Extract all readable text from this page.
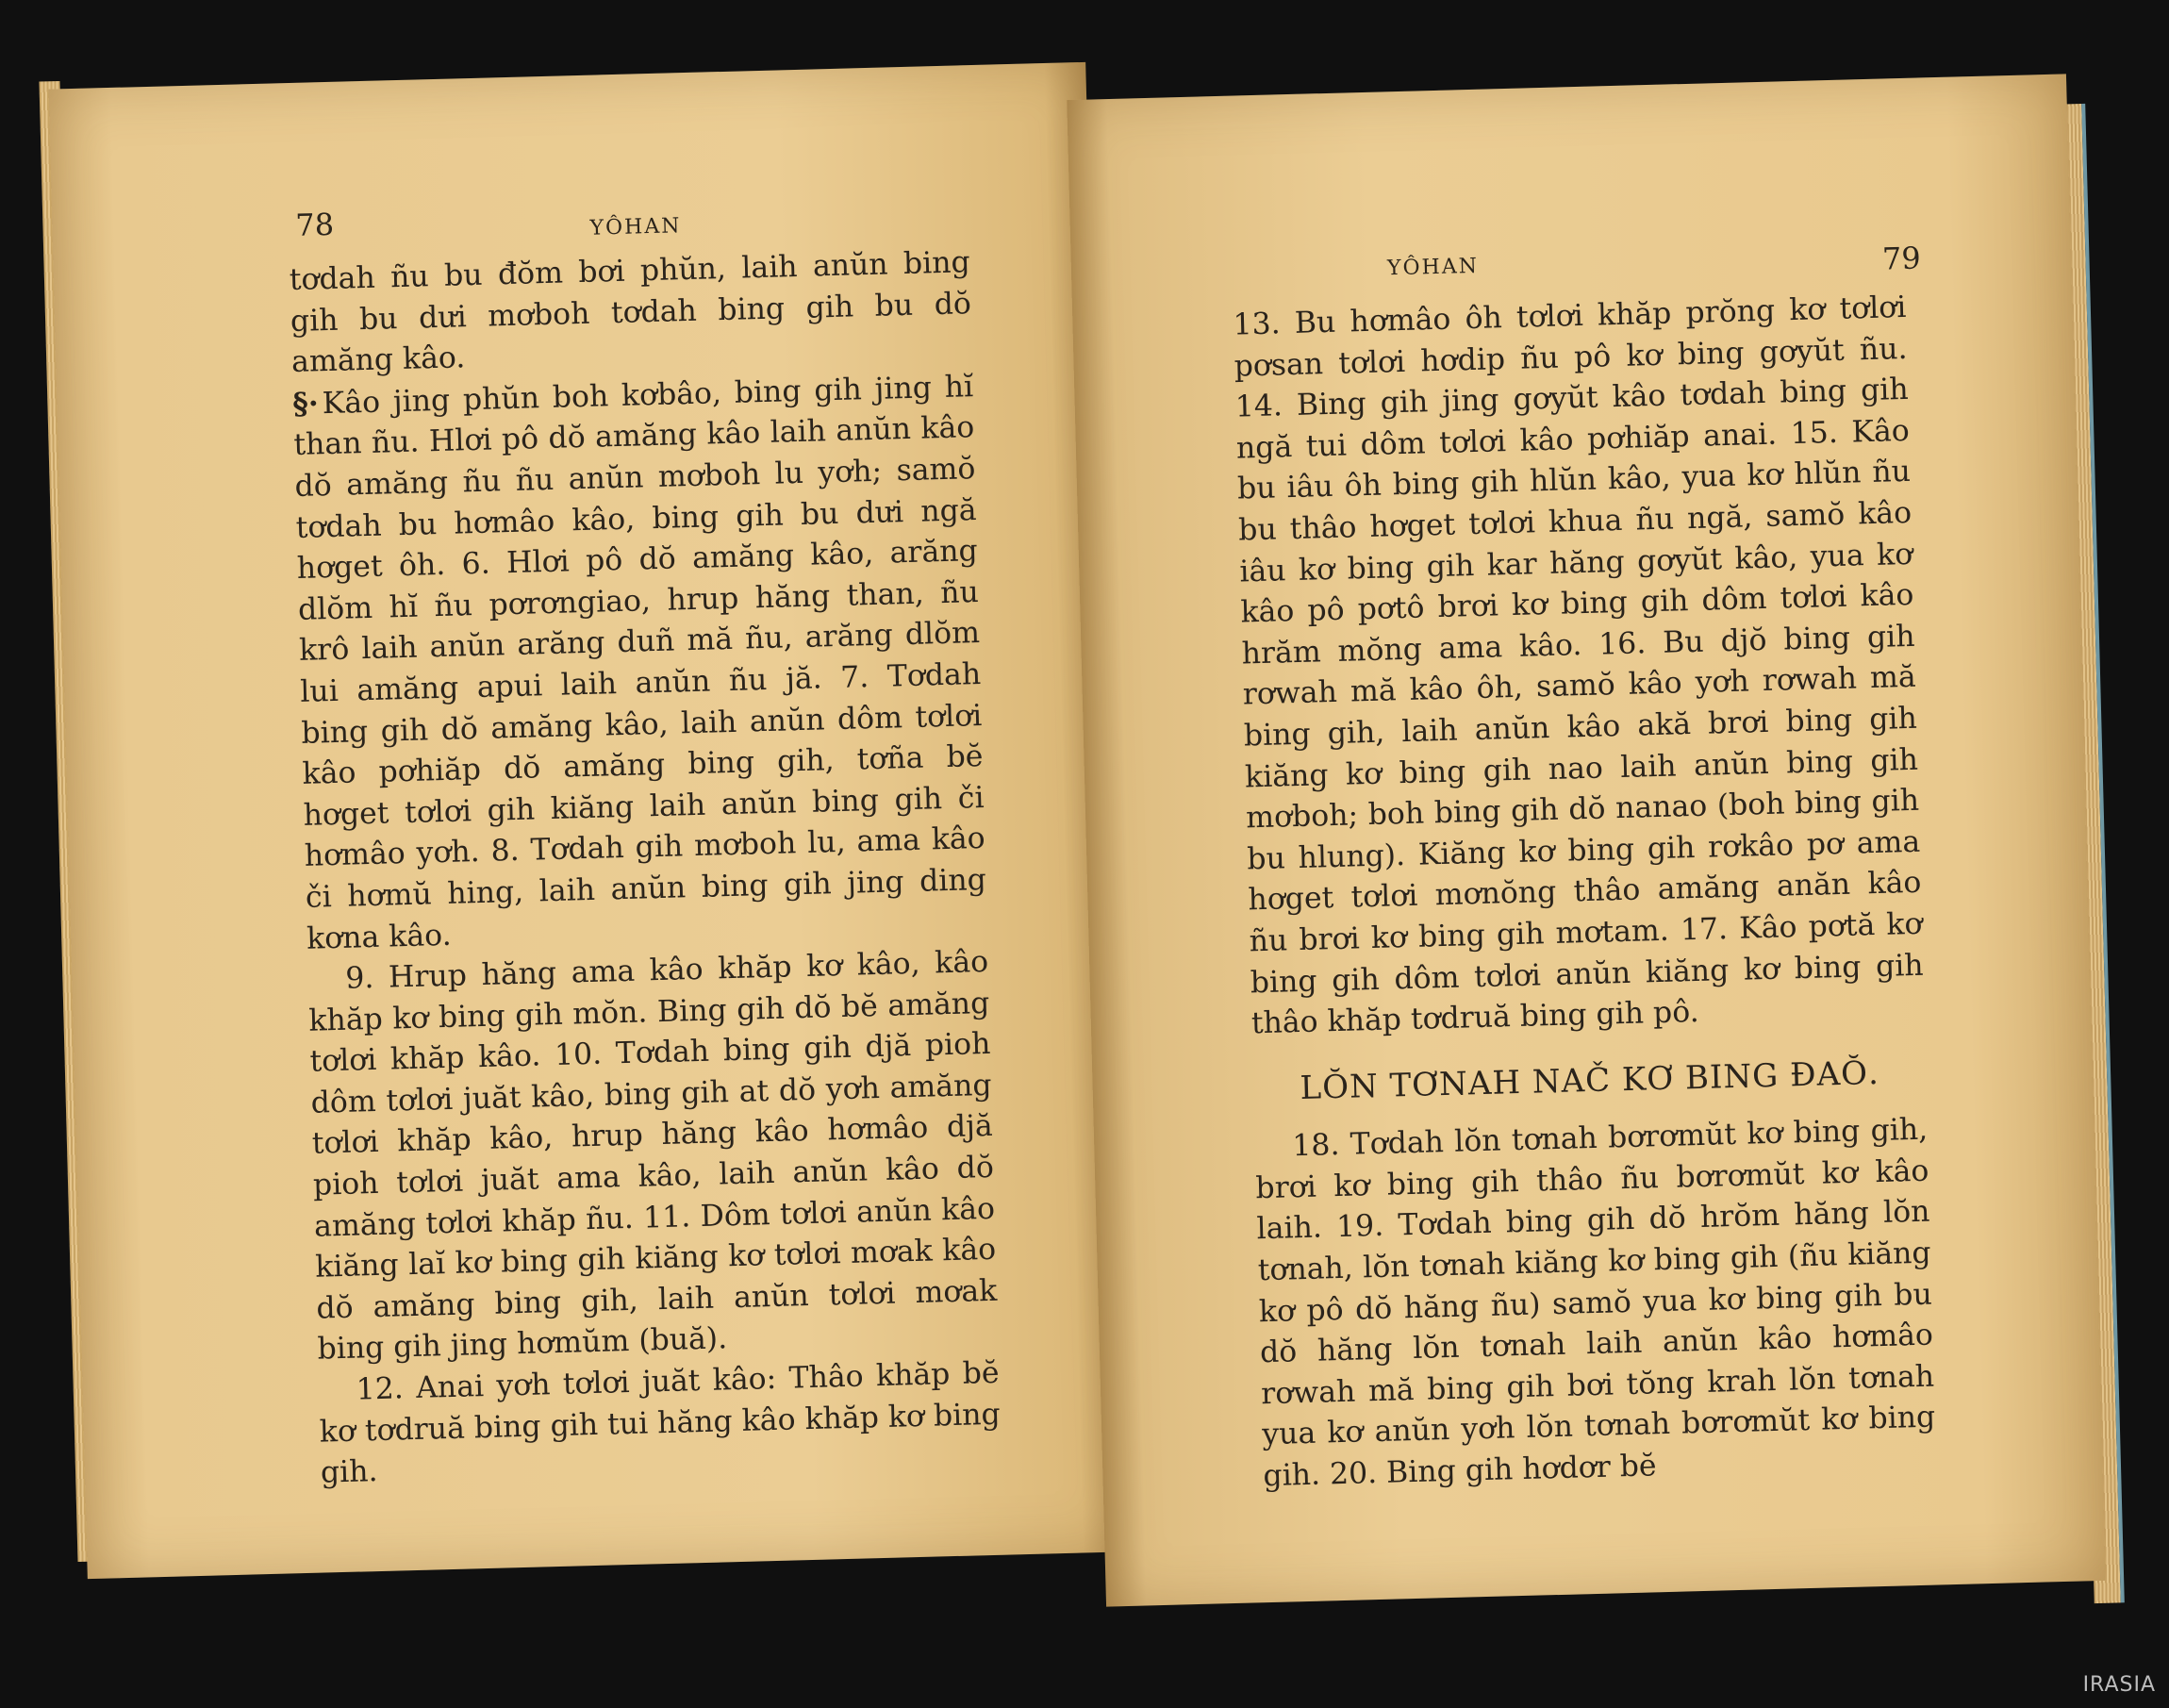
78	YÔHAN

tơdah ñu bu đŏm bơi phŭn, laih anŭn bing gih bu dưi mơboh tơdah bing gih bu dŏ amăng kâo.

§·Kâo jing phŭn boh kơbâo, bing gih jing hĭ than ñu. Hlơi pô dŏ amăng kâo laih anŭn kâo dŏ amăng ñu ñu anŭn mơboh lu yơh; samŏ tơdah bu hơmâo kâo, bing gih bu dưi ngă hơget ôh. 6. Hlơi pô dŏ amăng kâo, arăng dlŏm hĭ ñu pơrơngiao, hrup hăng than, ñu krô laih anŭn arăng duñ mă ñu, arăng dlŏm lui amăng apui laih anŭn ñu jă. 7. Tơdah bing gih dŏ amăng kâo, laih anŭn dôm tơlơi kâo pơhiăp dŏ amăng bing gih, tơña bĕ hơget tơlơi gih kiăng laih anŭn bing gih či hơmâo yơh. 8. Tơdah gih mơboh lu, ama kâo či hơmŭ hing, laih anŭn bing gih jing ding kơna kâo.

9. Hrup hăng ama kâo khăp kơ kâo, kâo khăp kơ bing gih mŏn. Bing gih dŏ bĕ amăng tơlơi khăp kâo. 10. Tơdah bing gih djă pioh dôm tơlơi juăt kâo, bing gih at dŏ yơh amăng tơlơi khăp kâo, hrup hăng kâo hơmâo djă pioh tơlơi juăt ama kâo, laih anŭn kâo dŏ amăng tơlơi khăp ñu. 11. Dôm tơlơi anŭn kâo kiăng laĭ kơ bing gih kiăng kơ tơlơi mơak kâo dŏ amăng bing gih, laih anŭn tơlơi mơak bing gih jing hơmŭm (buă).

12. Anai yơh tơlơi juăt kâo: Thâo khăp bĕ kơ tơdruă bing gih tui hăng kâo khăp kơ bing gih.

YÔHAN	79

13. Bu hơmâo ôh tơlơi khăp prŏng kơ tơlơi pơsan tơlơi hơdip ñu pô kơ bing gơyŭt ñu. 14. Bing gih jing gơyŭt kâo tơdah bing gih ngă tui dôm tơlơi kâo pơhiăp anai. 15. Kâo bu iâu ôh bing gih hlŭn kâo, yua kơ hlŭn ñu bu thâo hơget tơlơi khua ñu ngă, samŏ kâo iâu kơ bing gih kar hăng gơyŭt kâo, yua kơ kâo pô pơtô brơi kơ bing gih dôm tơlơi kâo hrăm mŏng ama kâo. 16. Bu djŏ bing gih rơwah mă kâo ôh, samŏ kâo yơh rơwah mă bing gih, laih anŭn kâo akă brơi bing gih kiăng kơ bing gih nao laih anŭn bing gih mơboh; boh bing gih dŏ nanao (boh bing gih bu hlung). Kiăng kơ bing gih rơkâo pơ ama hơget tơlơi mơnŏng thâo amăng anăn kâo ñu brơi kơ bing gih mơtam. 17. Kâo pơtă kơ bing gih dôm tơlơi anŭn kiăng kơ bing gih thâo khăp tơdruă bing gih pô.

LŎN TƠNAH NAČ KƠ BING ĐAŎ.

18. Tơdah lŏn tơnah bơrơmŭt kơ bing gih, brơi kơ bing gih thâo ñu bơrơmŭt kơ kâo laih. 19. Tơdah bing gih dŏ hrŏm hăng lŏn tơnah, lŏn tơnah kiăng kơ bing gih (ñu kiăng kơ pô dŏ hăng ñu) samŏ yua kơ bing gih bu dŏ hăng lŏn tơnah laih anŭn kâo hơmâo rơwah mă bing gih bơi tŏng krah lŏn tơnah yua kơ anŭn yơh lŏn tơnah bơrơmŭt kơ bing gih. 20. Bing gih hơdơr bĕ

IRASIA
